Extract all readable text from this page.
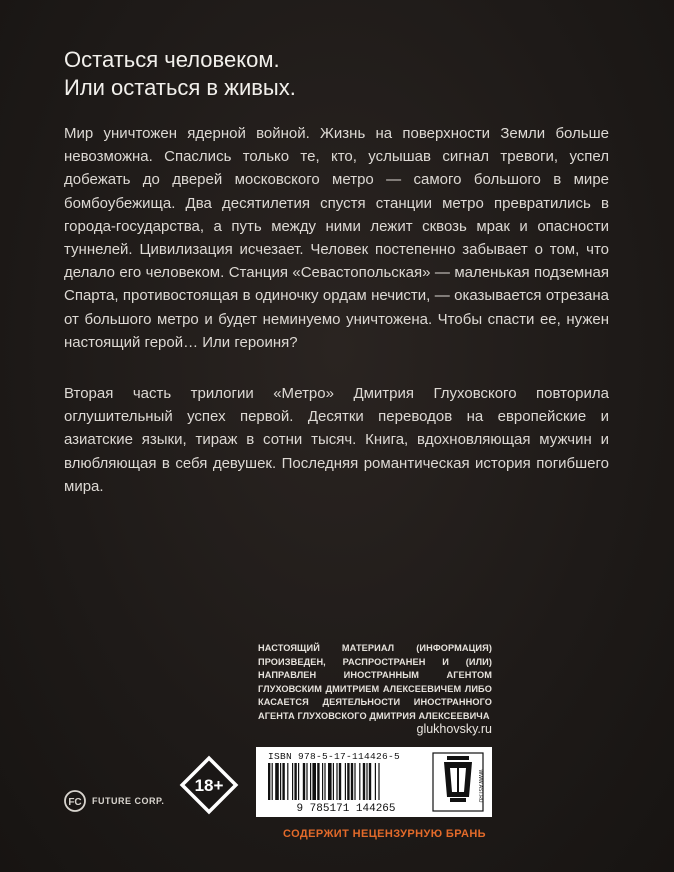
Остаться человеком.
Или остаться в живых.
Мир уничтожен ядерной войной. Жизнь на поверхности Земли больше невозможна. Спаслись только те, кто, услышав сигнал тревоги, успел добежать до дверей московского метро — самого большого в мире бомбоубежища. Два десятилетия спустя станции метро превратились в города-государства, а путь между ними лежит сквозь мрак и опасности туннелей. Цивилизация исчезает. Человек постепенно забывает о том, что делало его человеком. Станция «Севастопольская» — маленькая подземная Спарта, противостоящая в одиночку ордам нечисти, — оказывается отрезана от большого метро и будет неминуемо уничтожена. Чтобы спасти ее, нужен настоящий герой… Или героиня?
Вторая часть трилогии «Метро» Дмитрия Глуховского повторила оглушительный успех первой. Десятки переводов на европейские и азиатские языки, тираж в сотни тысяч. Книга, вдохновляющая мужчин и влюбляющая в себя девушек. Последняя романтическая история погибшего мира.
НАСТОЯЩИЙ МАТЕРИАЛ (ИНФОРМАЦИЯ) ПРОИЗВЕДЕН, РАСПРОСТРАНЕН И (ИЛИ) НАПРАВЛЕН ИНОСТРАННЫМ АГЕНТОМ ГЛУХОВСКИМ ДМИТРИЕМ АЛЕКСЕЕВИЧЕМ ЛИБО КАСАЕТСЯ ДЕЯТЕЛЬНОСТИ ИНОСТРАННОГО АГЕНТА ГЛУХОВСКОГО ДМИТРИЯ АЛЕКСЕЕВИЧА
glukhovsky.ru
ISBN 978-5-17-114426-5
9 785171 144265
WWW.AST.RU
18+
FC FUTURE CORP.
СОДЕРЖИТ НЕЦЕНЗУРНУЮ БРАНЬ
